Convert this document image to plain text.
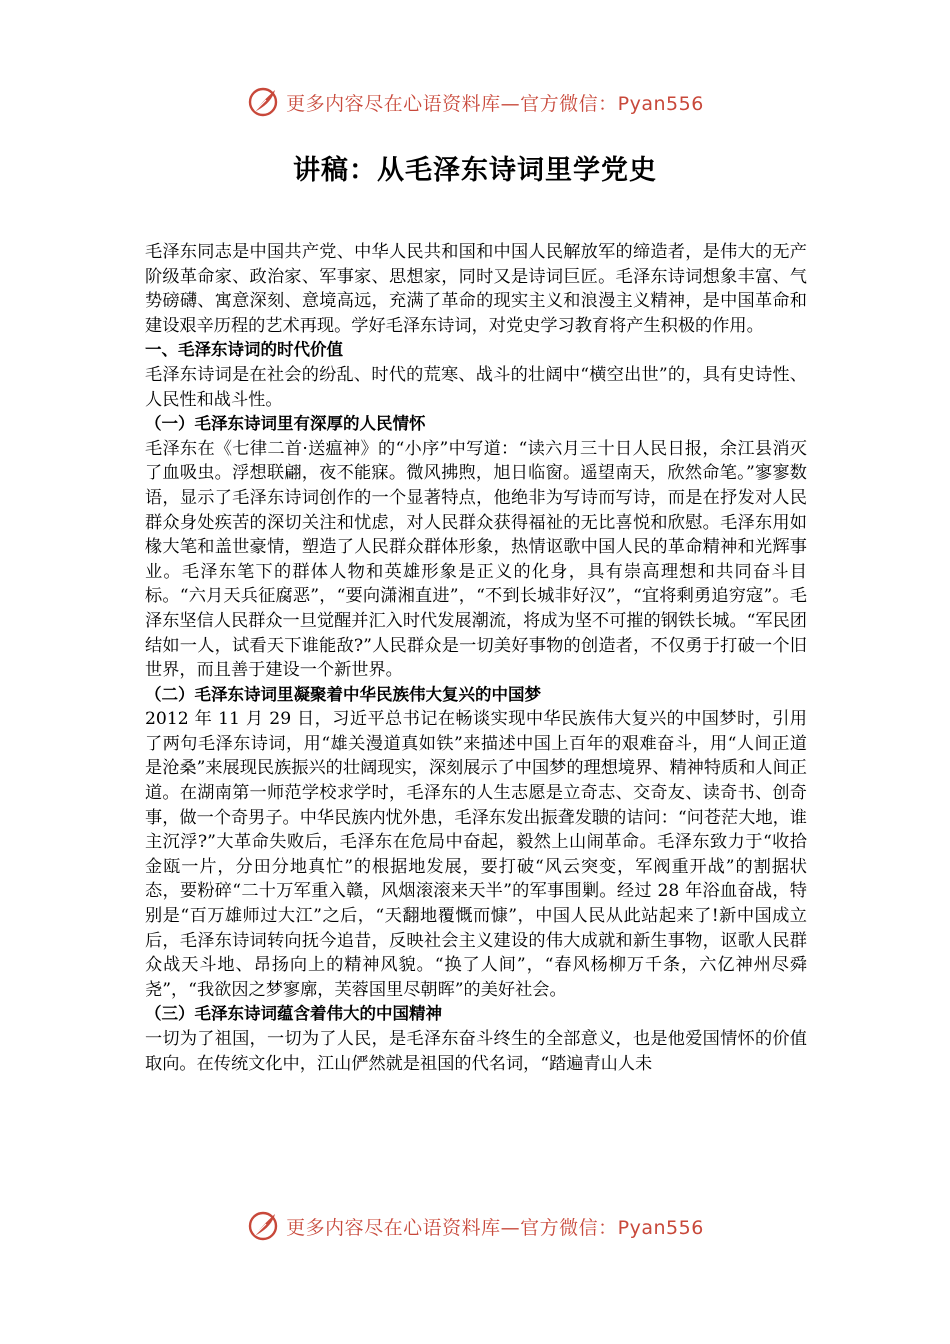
更多内容尽在心语资料库—官方微信：Pyan556
讲稿：从毛泽东诗词里学党史

毛泽东同志是中国共产党、中华人民共和国和中国人民解放军的缔造者，是伟大的无产阶级革命家、政治家、军事家、思想家，同时又是诗词巨匠。毛泽东诗词想象丰富、气势磅礴、寓意深刻、意境高远，充满了革命的现实主义和浪漫主义精神，是中国革命和建设艰辛历程的艺术再现。学好毛泽东诗词，对党史学习教育将产生积极的作用。

一、毛泽东诗词的时代价值

毛泽东诗词是在社会的纷乱、时代的荒寒、战斗的壮阔中“横空出世”的，具有史诗性、人民性和战斗性。

（一）毛泽东诗词里有深厚的人民情怀

毛泽东在《七律二首·送瘟神》的“小序”中写道：“读六月三十日人民日报，余江县消灭了血吸虫。浮想联翩，夜不能寐。微风拂煦，旭日临窗。遥望南天，欣然命笔。”寥寥数语，显示了毛泽东诗词创作的一个显著特点，他绝非为写诗而写诗，而是在抒发对人民群众身处疾苦的深切关注和忧虑，对人民群众获得福祉的无比喜悦和欣慰。毛泽东用如椽大笔和盖世豪情，塑造了人民群众群体形象，热情讴歌中国人民的革命精神和光辉事业。毛泽东笔下的群体人物和英雄形象是正义的化身，具有崇高理想和共同奋斗目标。“六月天兵征腐恶”，“要向潇湘直进”，“不到长城非好汉”，“宜将剩勇追穷寇”。毛泽东坚信人民群众一旦觉醒并汇入时代发展潮流，将成为坚不可摧的钢铁长城。“军民团结如一人，试看天下谁能敌?”人民群众是一切美好事物的创造者，不仅勇于打破一个旧世界，而且善于建设一个新世界。

（二）毛泽东诗词里凝聚着中华民族伟大复兴的中国梦

2012 年 11 月 29 日，习近平总书记在畅谈实现中华民族伟大复兴的中国梦时，引用了两句毛泽东诗词，用“雄关漫道真如铁”来描述中国上百年的艰难奋斗，用“人间正道是沧桑”来展现民族振兴的壮阔现实，深刻展示了中国梦的理想境界、精神特质和人间正道。在湖南第一师范学校求学时，毛泽东的人生志愿是立奇志、交奇友、读奇书、创奇事，做一个奇男子。中华民族内忧外患，毛泽东发出振聋发聩的诘问：“问苍茫大地，谁主沉浮?”大革命失败后，毛泽东在危局中奋起，毅然上山闹革命。毛泽东致力于“收拾金瓯一片，分田分地真忙”的根据地发展，要打破“风云突变，军阀重开战”的割据状态，要粉碎“二十万军重入赣，风烟滚滚来天半”的军事围剿。经过 28 年浴血奋战，特别是“百万雄师过大江”之后，“天翻地覆慨而慷”，中国人民从此站起来了!新中国成立后，毛泽东诗词转向抚今追昔，反映社会主义建设的伟大成就和新生事物，讴歌人民群众战天斗地、昂扬向上的精神风貌。“换了人间”，“春风杨柳万千条，六亿神州尽舜尧”，“我欲因之梦寥廓，芙蓉国里尽朝晖”的美好社会。

（三）毛泽东诗词蕴含着伟大的中国精神

一切为了祖国，一切为了人民，是毛泽东奋斗终生的全部意义，也是他爱国情怀的价值取向。在传统文化中，江山俨然就是祖国的代名词，“踏遍青山人未

更多内容尽在心语资料库—官方微信：Pyan556
